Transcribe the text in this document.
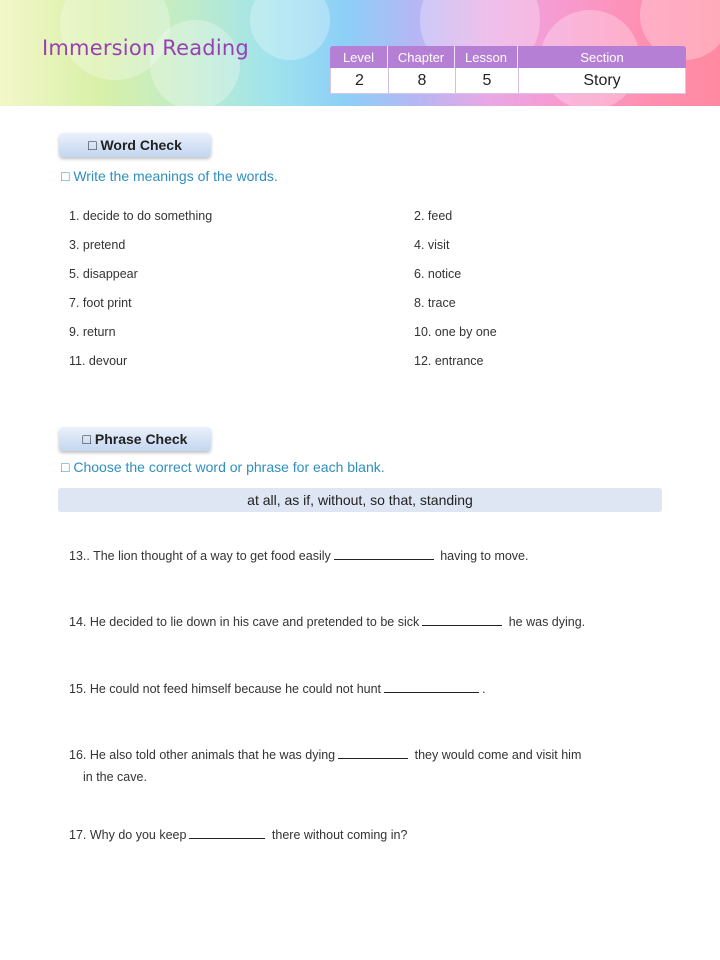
Immersion Reading	Level	Chapter	Lesson	Section
2	8	5	Story
□ Word Check
□ Write the meanings of the words.
1. decide to do something	2. feed
3. pretend	4. visit
5. disappear	6. notice
7. foot print	8. trace
9. return	10. one by one
11. devour	12. entrance
□ Phrase Check
□ Choose the correct word or phrase for each blank.
at all, as if, without, so that, standing
13.. The lion thought of a way to get food easily	having to move.
14. He decided to lie down in his cave and pretended to be sick	he was dying.
15. He could not feed himself because he could not hunt	.
16. He also told other animals that he was dying	they would come and visit him
in the cave.
17. Why do you keep	there without coming in?
